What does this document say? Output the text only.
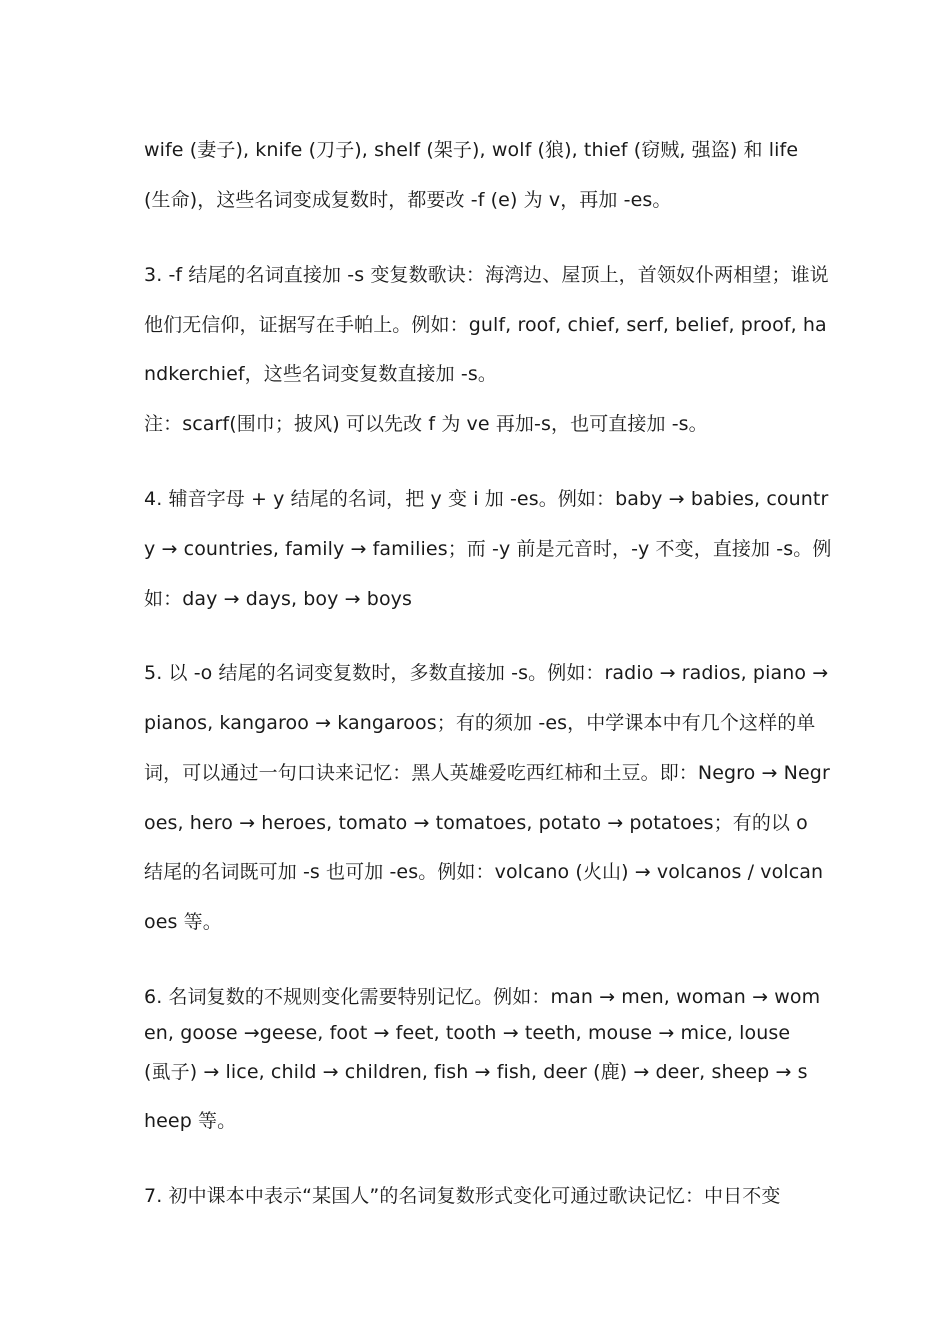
wife (妻子), knife (刀子), shelf (架子), wolf (狼), thief (窃贼, 强盗) 和 life
(生命)，这些名词变成复数时，都要改 -f (e) 为 v，再加 -es。
3. -f 结尾的名词直接加 -s 变复数歌诀：海湾边、屋顶上，首领奴仆两相望；谁说
他们无信仰，证据写在手帕上。例如：gulf, roof, chief, serf, belief, proof, ha
ndkerchief，这些名词变复数直接加 -s。
注：scarf(围巾；披风) 可以先改 f 为 ve 再加-s，也可直接加 -s。
4. 辅音字母 + y 结尾的名词，把 y 变 i 加 -es。例如：baby → babies, countr
y → countries, family → families；而 -y 前是元音时，-y 不变，直接加 -s。例
如：day → days, boy → boys
5. 以 -o 结尾的名词变复数时，多数直接加 -s。例如：radio → radios, piano →
pianos, kangaroo → kangaroos；有的须加 -es，中学课本中有几个这样的单
词，可以通过一句口诀来记忆：黑人英雄爱吃西红柿和土豆。即：Negro → Negr
oes, hero → heroes, tomato → tomatoes, potato → potatoes；有的以 o
结尾的名词既可加 -s 也可加 -es。例如：volcano (火山) → volcanos / volcan
oes 等。
6. 名词复数的不规则变化需要特别记忆。例如：man → men, woman → wom
en, goose →geese, foot → feet, tooth → teeth, mouse → mice, louse
(虱子) → lice, child → children, fish → fish, deer (鹿) → deer, sheep → s
heep 等。
7. 初中课本中表示“某国人”的名词复数形式变化可通过歌诀记忆：中日不变
